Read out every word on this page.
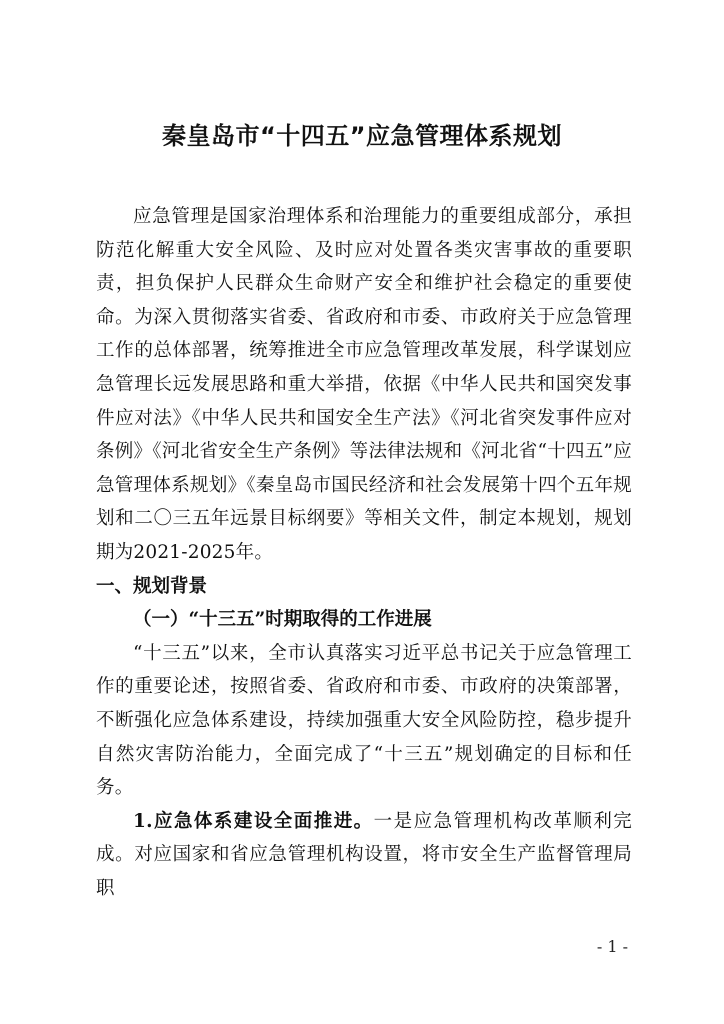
秦皇岛市“十四五”应急管理体系规划

应急管理是国家治理体系和治理能力的重要组成部分，承担防范化解重大安全风险、及时应对处置各类灾害事故的重要职责，担负保护人民群众生命财产安全和维护社会稳定的重要使命。为深入贯彻落实省委、省政府和市委、市政府关于应急管理工作的总体部署，统筹推进全市应急管理改革发展，科学谋划应急管理长远发展思路和重大举措，依据《中华人民共和国突发事件应对法》《中华人民共和国安全生产法》《河北省突发事件应对条例》《河北省安全生产条例》等法律法规和《河北省“十四五”应急管理体系规划》《秦皇岛市国民经济和社会发展第十四个五年规划和二〇三五年远景目标纲要》等相关文件，制定本规划，规划期为2021-2025年。

一、规划背景
（一）“十三五”时期取得的工作进展

“十三五”以来，全市认真落实习近平总书记关于应急管理工作的重要论述，按照省委、省政府和市委、市政府的决策部署，不断强化应急体系建设，持续加强重大安全风险防控，稳步提升自然灾害防治能力，全面完成了“十三五”规划确定的目标和任务。

1.应急体系建设全面推进。一是应急管理机构改革顺利完成。对应国家和省应急管理机构设置，将市安全生产监督管理局职

- 1 -
